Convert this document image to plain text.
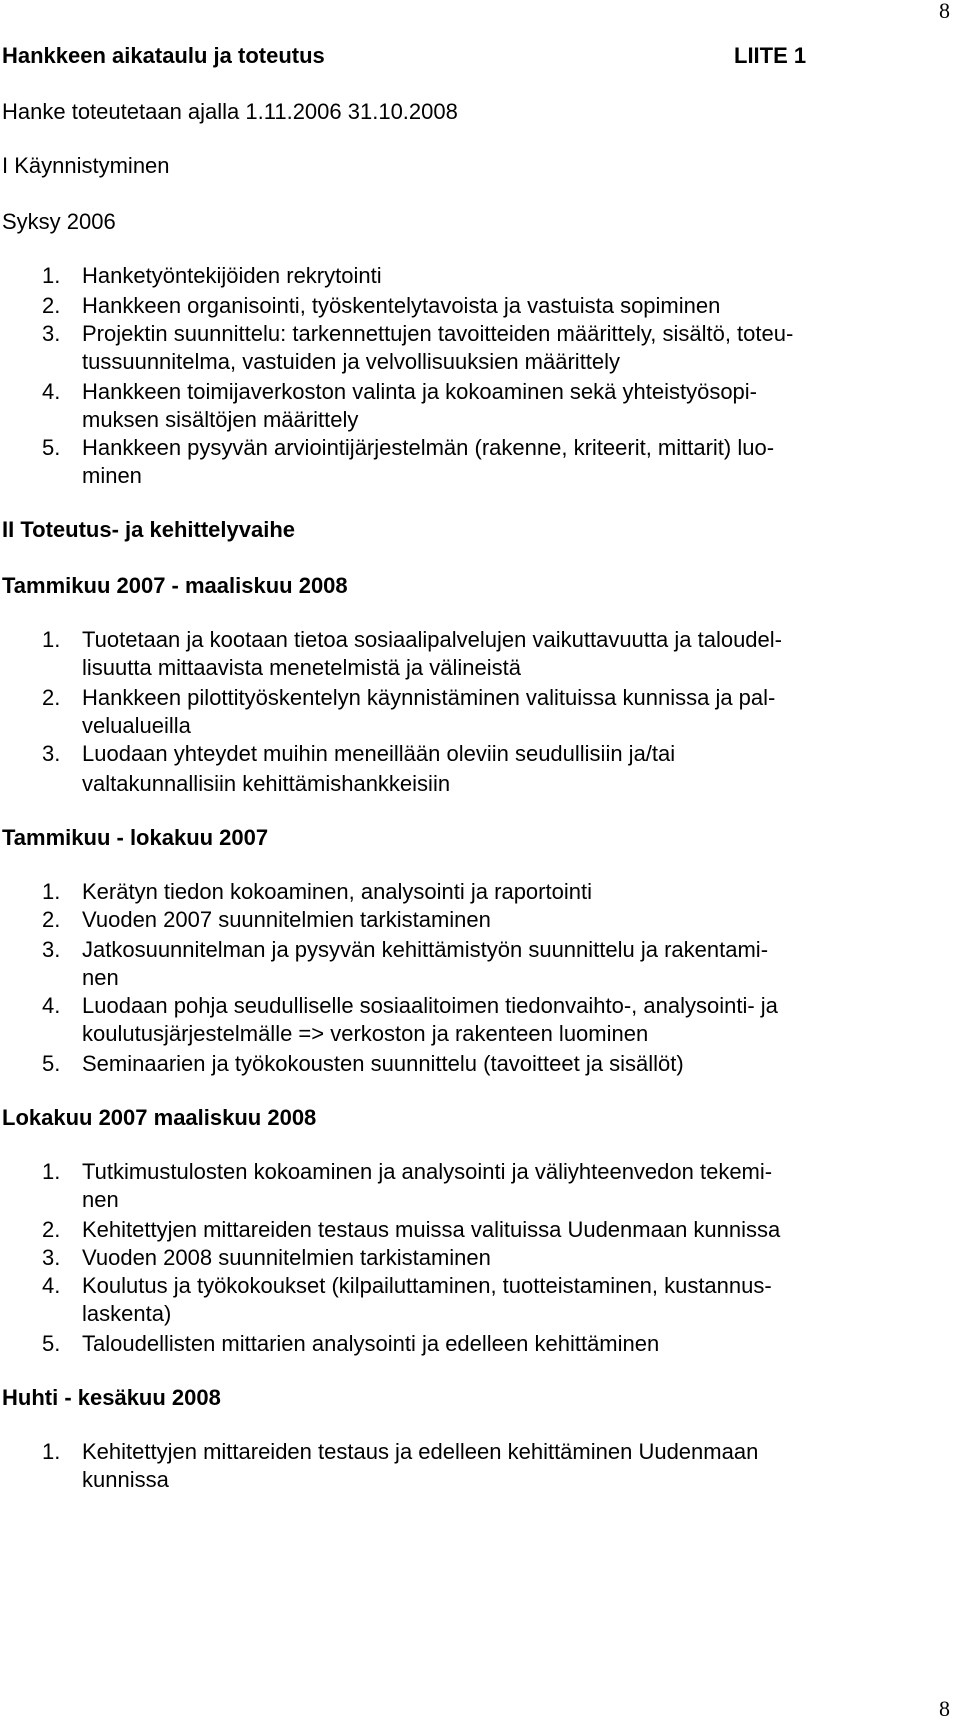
8
Hankkeen aikataulu ja toteutus	LIITE 1
Hanke toteutetaan ajalla 1.11.2006 31.10.2008
I Käynnistyminen
Syksy 2006
1. Hanketyöntekijöiden rekrytointi
2. Hankkeen organisointi, työskentelytavoista ja vastuista sopiminen
3. Projektin suunnittelu: tarkennettujen tavoitteiden määrittely, sisältö, toteu-
tussuunnitelma, vastuiden ja velvollisuuksien määrittely
4. Hankkeen toimijaverkoston valinta ja kokoaminen sekä yhteistyösopi-
muksen sisältöjen määrittely
5. Hankkeen pysyvän arviointijärjestelmän (rakenne, kriteerit, mittarit) luo-
minen
II Toteutus- ja kehittelyvaihe
Tammikuu 2007 - maaliskuu 2008
1. Tuotetaan ja kootaan tietoa sosiaalipalvelujen vaikuttavuutta ja taloudel-
lisuutta mittaavista menetelmistä ja välineistä
2. Hankkeen pilottityöskentelyn käynnistäminen valituissa kunnissa ja pal-
velualueilla
3. Luodaan yhteydet muihin meneillään oleviin seudullisiin ja/tai
valtakunnallisiin kehittämishankkeisiin
Tammikuu - lokakuu 2007
1. Kerätyn tiedon kokoaminen, analysointi ja raportointi
2. Vuoden 2007 suunnitelmien tarkistaminen
3. Jatkosuunnitelman ja pysyvän kehittämistyön suunnittelu ja rakentami-
nen
4. Luodaan pohja seudulliselle sosiaalitoimen tiedonvaihto-, analysointi- ja
koulutusjärjestelmälle => verkoston ja rakenteen luominen
5. Seminaarien ja työkokousten suunnittelu (tavoitteet ja sisällöt)
Lokakuu 2007 maaliskuu 2008
1. Tutkimustulosten kokoaminen ja analysointi ja väliyhteenvedon tekemi-
nen
2. Kehitettyjen mittareiden testaus muissa valituissa Uudenmaan kunnissa
3. Vuoden 2008 suunnitelmien tarkistaminen
4. Koulutus ja työkokoukset (kilpailuttaminen, tuotteistaminen, kustannus-
laskenta)
5. Taloudellisten mittarien analysointi ja edelleen kehittäminen
Huhti - kesäkuu 2008
1. Kehitettyjen mittareiden testaus ja edelleen kehittäminen Uudenmaan
kunnissa
8
